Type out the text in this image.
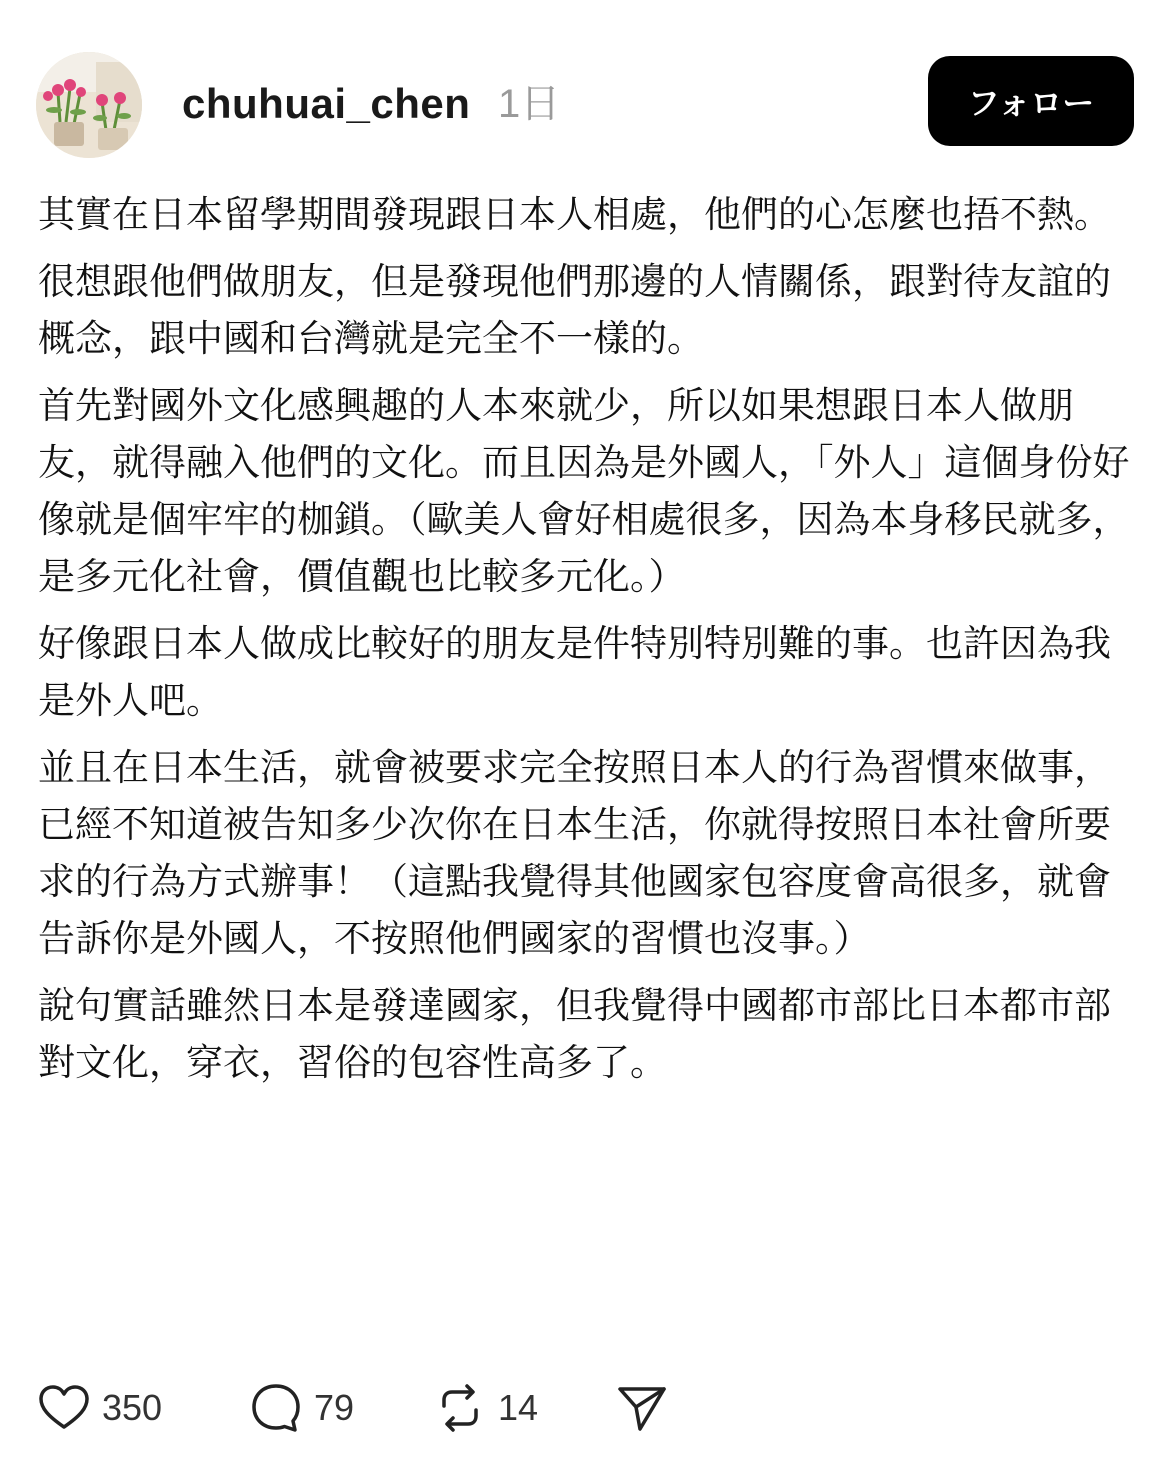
chuhuai_chen 1日	フォロー

其實在日本留學期間發現跟日本人相處，他們的心怎麼也捂不熱。

很想跟他們做朋友，但是發現他們那邊的人情關係，跟對待友誼的概念，跟中國和台灣就是完全不一樣的。

首先對國外文化感興趣的人本來就少，所以如果想跟日本人做朋友，就得融入他們的文化。而且因為是外國人，「外人」這個身份好像就是個牢牢的枷鎖。（歐美人會好相處很多，因為本身移民就多，是多元化社會，價值觀也比較多元化。）

好像跟日本人做成比較好的朋友是件特別特別難的事。也許因為我是外人吧。

並且在日本生活，就會被要求完全按照日本人的行為習慣來做事，已經不知道被告知多少次你在日本生活，你就得按照日本社會所要求的行為方式辦事！（這點我覺得其他國家包容度會高很多，就會告訴你是外國人，不按照他們國家的習慣也沒事。）

說句實話雖然日本是發達國家，但我覺得中國都市部比日本都市部對文化，穿衣，習俗的包容性高多了。

350	79	14
